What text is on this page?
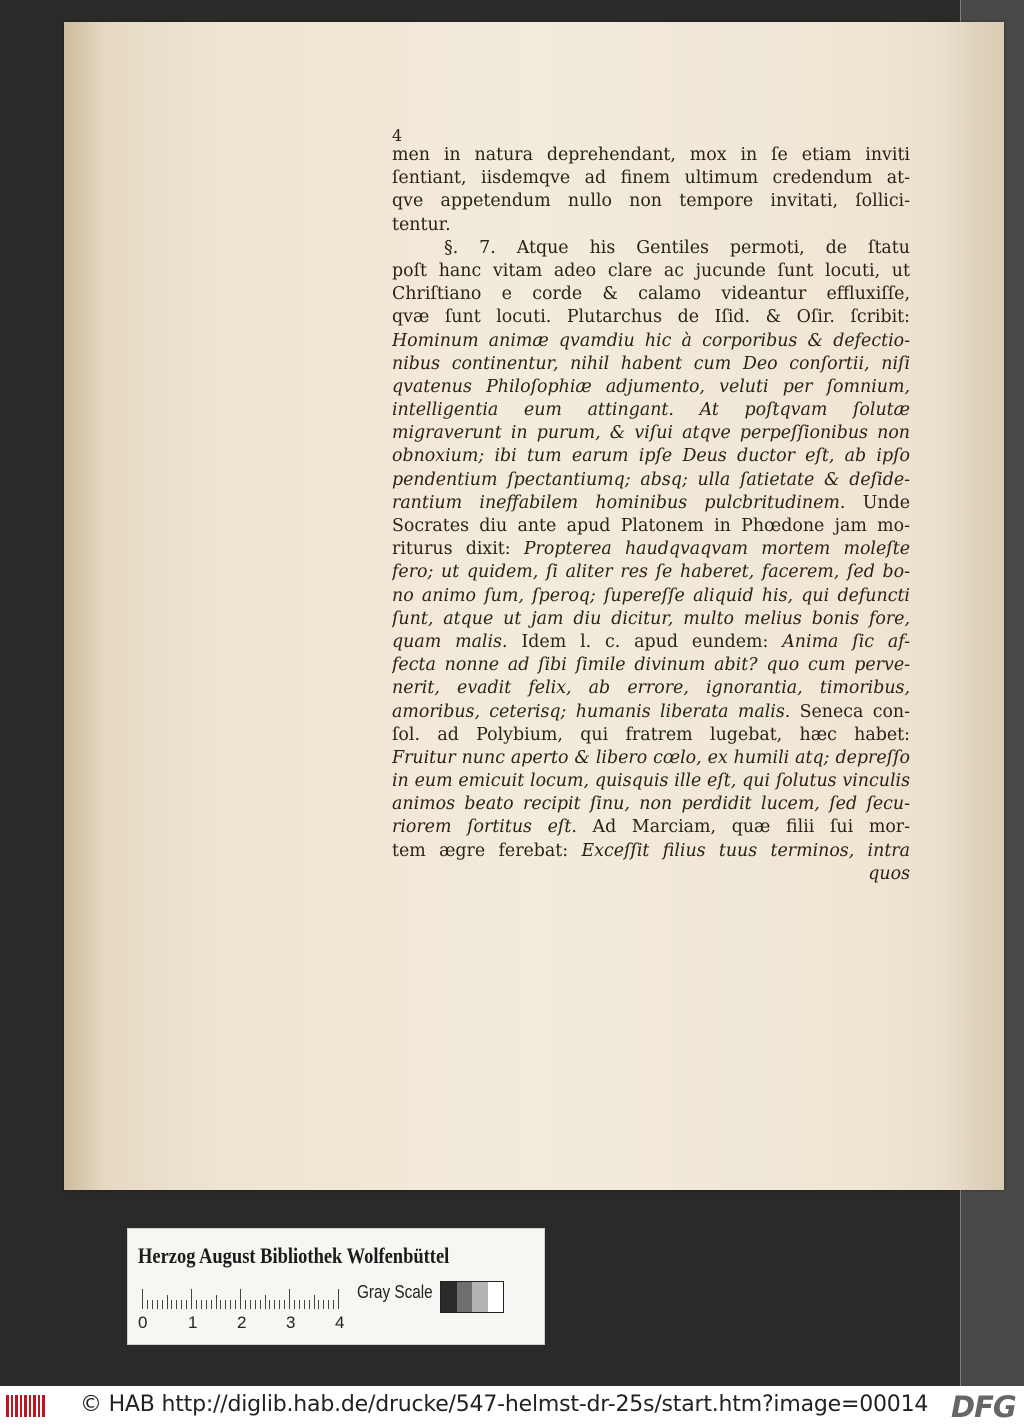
4
men in natura deprehendant, mox in ſe etiam inviti
ſentiant, iisdemqve ad finem ultimum credendum at-
qve appetendum nullo non tempore invitati, ſollici-
tentur.
§. 7. Atque his Gentiles permoti, de ſtatu
poſt hanc vitam adeo clare ac jucunde ſunt locuti, ut
Chriſtiano e corde & calamo videantur effluxiſſe,
qvæ ſunt locuti. Plutarchus de Iſid. & Oſir. ſcribit:
Hominum animæ qvamdiu hic à corporibus & defectio-
nibus continentur, nihil habent cum Deo conſortii, niſi
qvatenus Philoſophiæ adjumento, veluti per ſomnium,
intelligentia eum attingant. At poſtqvam ſolutæ
migraverunt in purum, & viſui atqve perpeſſionibus non
obnoxium; ibi tum earum ipſe Deus ductor eſt, ab ipſo
pendentium ſpectantiumq; absq; ulla ſatietate & deſide-
rantium ineffabilem hominibus pulcbritudinem. Unde
Socrates diu ante apud Platonem in Phœdone jam mo-
riturus dixit: Propterea haudqvaqvam mortem moleſte
fero; ut quidem, ſi aliter res ſe haberet, facerem, ſed bo-
no animo ſum, ſperoq; ſupereſſe aliquid his, qui defuncti
ſunt, atque ut jam diu dicitur, multo melius bonis fore,
quam malis. Idem l. c. apud eundem: Anima ſic af-
fecta nonne ad ſibi ſimile divinum abit? quo cum perve-
nerit, evadit felix, ab errore, ignorantia, timoribus,
amoribus, ceterisq; humanis liberata malis. Seneca con-
ſol. ad Polybium, qui fratrem lugebat, hæc habet:
Fruitur nunc aperto & libero cœlo, ex humili atq; depreſſo
in eum emicuit locum, quisquis ille eſt, qui ſolutus vinculis
animos beato recipit ſinu, non perdidit lucem, ſed ſecu-
riorem ſortitus eſt. Ad Marciam, quæ filii ſui mor-
tem ægre ferebat: Exceſſit filius tuus terminos, intra
quos
Herzog August Bibliothek Wolfenbüttel
0 1 2 3 4
Gray Scale
© HAB http://diglib.hab.de/drucke/547-helmst-dr-25s/start.htm?image=00014 DFG
